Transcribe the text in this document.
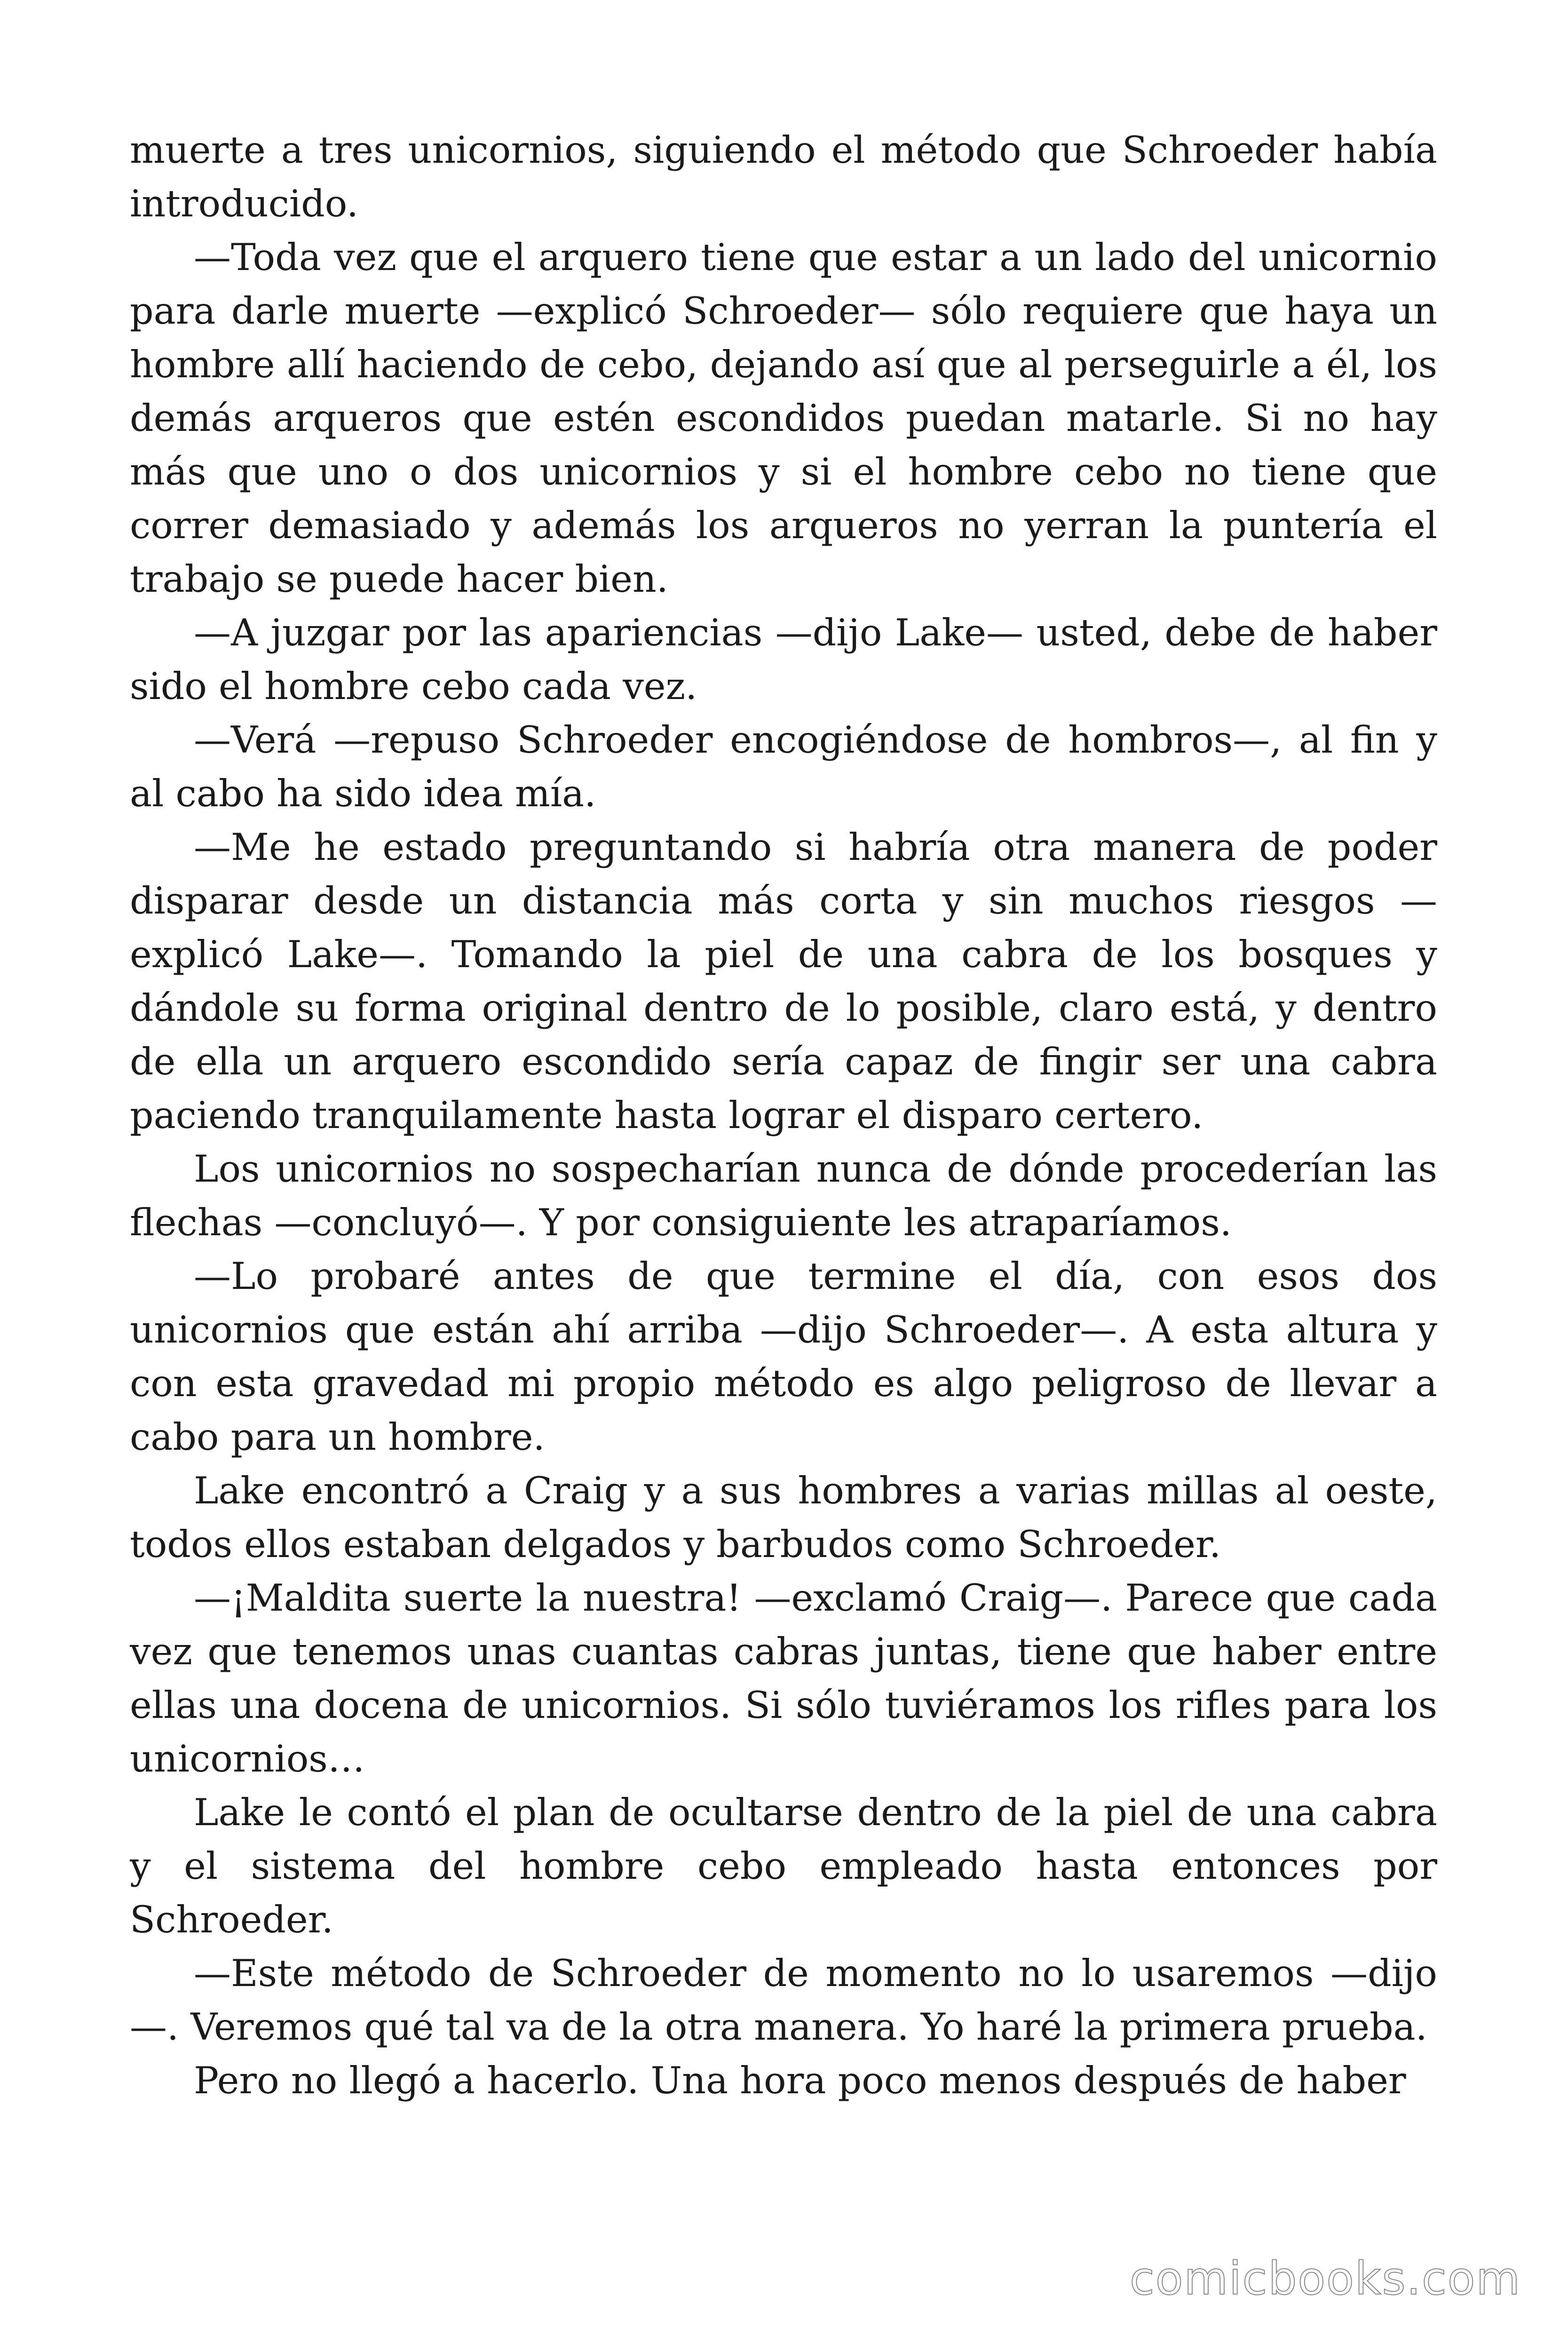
muerte a tres unicornios, siguiendo el método que Schroeder había introducido.

—Toda vez que el arquero tiene que estar a un lado del unicornio para darle muerte —explicó Schroeder— sólo requiere que haya un hombre allí haciendo de cebo, dejando así que al perseguirle a él, los demás arqueros que estén escondidos puedan matarle. Si no hay más que uno o dos unicornios y si el hombre cebo no tiene que correr demasiado y además los arqueros no yerran la puntería el trabajo se puede hacer bien.

—A juzgar por las apariencias —dijo Lake— usted, debe de haber sido el hombre cebo cada vez.

—Verá —repuso Schroeder encogiéndose de hombros—, al fin y al cabo ha sido idea mía.

—Me he estado preguntando si habría otra manera de poder disparar desde un distancia más corta y sin muchos riesgos —explicó Lake—. Tomando la piel de una cabra de los bosques y dándole su forma original dentro de lo posible, claro está, y dentro de ella un arquero escondido sería capaz de fingir ser una cabra paciendo tranquilamente hasta lograr el disparo certero.

Los unicornios no sospecharían nunca de dónde procederían las flechas —concluyó—. Y por consiguiente les atraparíamos.

—Lo probaré antes de que termine el día, con esos dos unicornios que están ahí arriba —dijo Schroeder—. A esta altura y con esta gravedad mi propio método es algo peligroso de llevar a cabo para un hombre.

Lake encontró a Craig y a sus hombres a varias millas al oeste, todos ellos estaban delgados y barbudos como Schroeder.

—¡Maldita suerte la nuestra! —exclamó Craig—. Parece que cada vez que tenemos unas cuantas cabras juntas, tiene que haber entre ellas una docena de unicornios. Si sólo tuviéramos los rifles para los unicornios…

Lake le contó el plan de ocultarse dentro de la piel de una cabra y el sistema del hombre cebo empleado hasta entonces por Schroeder.

—Este método de Schroeder de momento no lo usaremos —dijo—. Veremos qué tal va de la otra manera. Yo haré la primera prueba.

Pero no llegó a hacerlo. Una hora poco menos después de haber

comicbooks.com
